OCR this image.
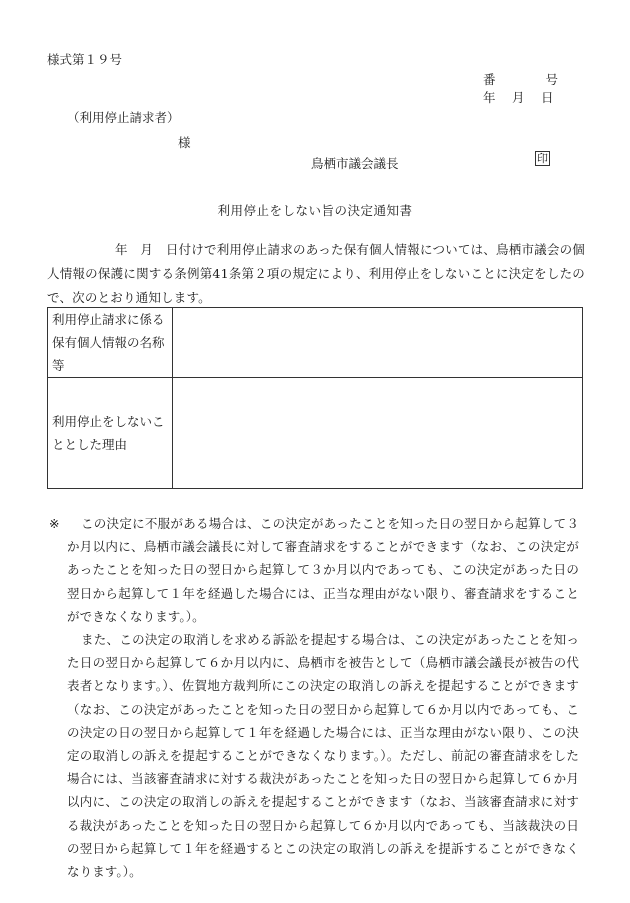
様式第１９号
番　　　　号
年　 月　 日
（利用停止請求者）
様
鳥栖市議会議長	印
利用停止をしない旨の決定通知書
年　月　日付けで利用停止請求のあった保有個人情報については、鳥栖市議会の個人情報の保護に関する条例第41条第２項の規定により、利用停止をしないことに決定をしたので、次のとおり通知します。
利用停止請求に係る保有個人情報の名称等	
利用停止をしないこととした理由	
※	この決定に不服がある場合は、この決定があったことを知った日の翌日から起算して３か月以内に、鳥栖市議会議長に対して審査請求をすることができます（なお、この決定があったことを知った日の翌日から起算して３か月以内であっても、この決定があった日の翌日から起算して１年を経過した場合には、正当な理由がない限り、審査請求をすることができなくなります。）。

また、この決定の取消しを求める訴訟を提起する場合は、この決定があったことを知った日の翌日から起算して６か月以内に、鳥栖市を被告として（鳥栖市議会議長が被告の代表者となります。）、佐賀地方裁判所にこの決定の取消しの訴えを提起することができます（なお、この決定があったことを知った日の翌日から起算して６か月以内であっても、この決定の日の翌日から起算して１年を経過した場合には、正当な理由がない限り、この決定の取消しの訴えを提起することができなくなります。）。ただし、前記の審査請求をした場合には、当該審査請求に対する裁決があったことを知った日の翌日から起算して６か月以内に、この決定の取消しの訴えを提起することができます（なお、当該審査請求に対する裁決があったことを知った日の翌日から起算して６か月以内であっても、当該裁決の日の翌日から起算して１年を経過するとこの決定の取消しの訴えを提訴することができなくなります。）。
